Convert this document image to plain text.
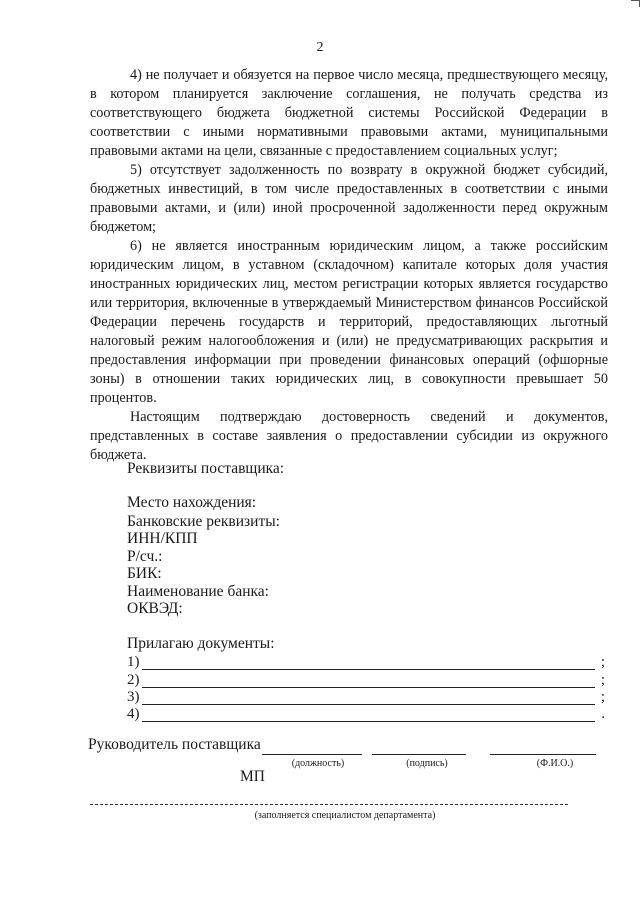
2

4) не получает и обязуется на первое число месяца, предшествующего месяцу, в котором планируется заключение соглашения, не получать средства из соответствующего бюджета бюджетной системы Российской Федерации в соответствии с иными нормативными правовыми актами, муниципальными правовыми актами на цели, связанные с предоставлением социальных услуг;

5) отсутствует задолженность по возврату в окружной бюджет субсидий, бюджетных инвестиций, в том числе предоставленных в соответствии с иными правовыми актами, и (или) иной просроченной задолженности перед окружным бюджетом;

6) не является иностранным юридическим лицом, а также российским юридическим лицом, в уставном (складочном) капитале которых доля участия иностранных юридических лиц, местом регистрации которых является государство или территория, включенные в утверждаемый Министерством финансов Российской Федерации перечень государств и территорий, предоставляющих льготный налоговый режим налогообложения и (или) не предусматривающих раскрытия и предоставления информации при проведении финансовых операций (офшорные зоны) в отношении таких юридических лиц, в совокупности превышает 50 процентов.

Настоящим подтверждаю достоверность сведений и документов, представленных в составе заявления о предоставлении субсидии из окружного бюджета.

Реквизиты поставщика:
Место нахождения:
Банковские реквизиты:
ИНН/КПП
Р/сч.:
БИК:
Наименование банка:
ОКВЭД:
Прилагаю документы:
1)	;
2)	;
3)	;
4)	.
Руководитель поставщика
(должность)	(подпись)	(Ф.И.О.)
МП
(заполняется специалистом департамента)
